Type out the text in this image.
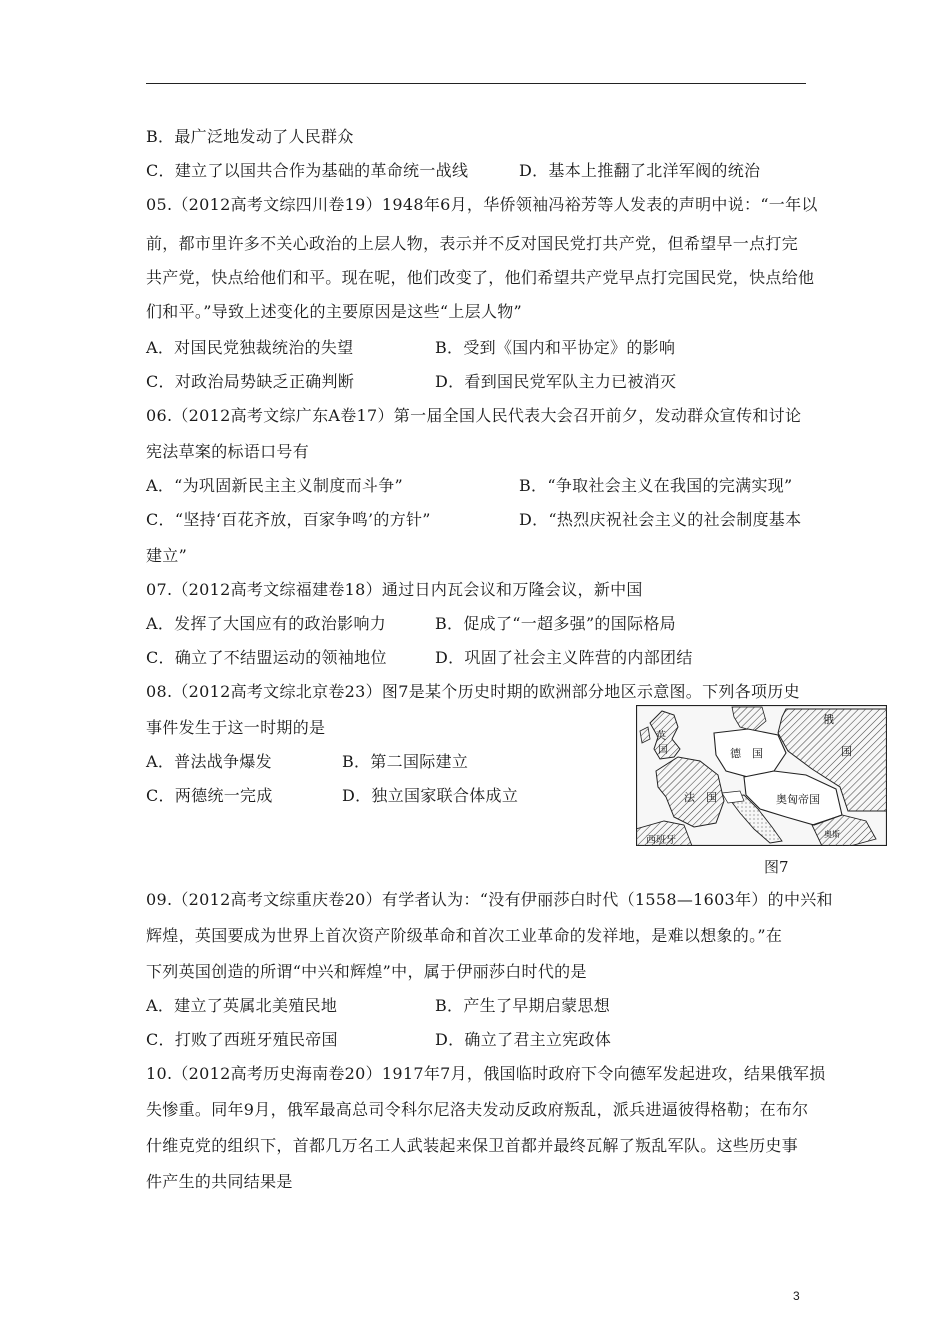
B．最广泛地发动了人民群众
C．建立了以国共合作为基础的革命统一战线	D．基本上推翻了北洋军阀的统治
05.（2012高考文综四川卷19）1948年6月，华侨领袖冯裕芳等人发表的声明中说：“一年以
前，都市里许多不关心政治的上层人物，表示并不反对国民党打共产党，但希望早一点打完
共产党，快点给他们和平。现在呢，他们改变了，他们希望共产党早点打完国民党，快点给他
们和平。”导致上述变化的主要原因是这些“上层人物”
A．对国民党独裁统治的失望	B．受到《国内和平协定》的影响
C．对政治局势缺乏正确判断	D．看到国民党军队主力已被消灭
06.（2012高考文综广东A卷17）第一届全国人民代表大会召开前夕，发动群众宣传和讨论
宪法草案的标语口号有
A．“为巩固新民主主义制度而斗争”	B．“争取社会主义在我国的完满实现”
C．“坚持‘百花齐放，百家争鸣’的方针”	D．“热烈庆祝社会主义的社会制度基本
建立”
07.（2012高考文综福建卷18）通过日内瓦会议和万隆会议，新中国
A．发挥了大国应有的政治影响力	B．促成了“一超多强”的国际格局
C．确立了不结盟运动的领袖地位	D．巩固了社会主义阵营的内部团结
08.（2012高考文综北京卷23）图7是某个历史时期的欧洲部分地区示意图。下列各项历史
事件发生于这一时期的是
A．普法战争爆发	B．第二国际建立
C．两德统一完成	D．独立国家联合体成立
俄
国
德　国
法　国	奥匈帝国
西班牙
英
国
奥斯
图7
09.（2012高考文综重庆卷20）有学者认为：“没有伊丽莎白时代（1558—1603年）的中兴和
辉煌，英国要成为世界上首次资产阶级革命和首次工业革命的发祥地，是难以想象的。”在
下列英国创造的所谓“中兴和辉煌”中，属于伊丽莎白时代的是
A．建立了英属北美殖民地	B．产生了早期启蒙思想
C．打败了西班牙殖民帝国	D．确立了君主立宪政体
10.（2012高考历史海南卷20）1917年7月，俄国临时政府下令向德军发起进攻，结果俄军损
失惨重。同年9月，俄军最高总司令科尔尼洛夫发动反政府叛乱，派兵进逼彼得格勒；在布尔
什维克党的组织下，首都几万名工人武装起来保卫首都并最终瓦解了叛乱军队。这些历史事
件产生的共同结果是
3
